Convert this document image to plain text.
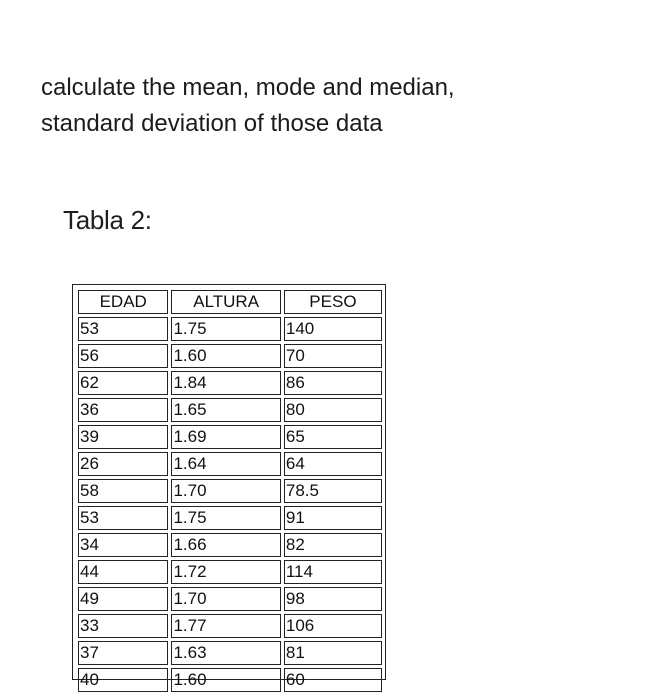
calculate the mean, mode and median,
standard deviation of those data
Tabla 2:
EDAD	ALTURA	PESO
53	1.75	140
56	1.60	70
62	1.84	86
36	1.65	80
39	1.69	65
26	1.64	64
58	1.70	78.5
53	1.75	91
34	1.66	82
44	1.72	114
49	1.70	98
33	1.77	106
37	1.63	81
40	1.60	60
